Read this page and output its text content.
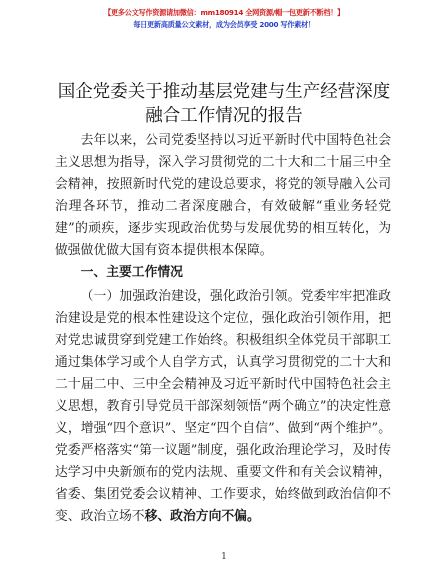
【更多公文写作资源请加微信：mm180914 全网资源/帽一包更新不断档！】
每日更新高质量公文素材，成为会员享受 2000 写作素材！
国企党委关于推动基层党建与生产经营深度融合工作情况的报告
去年以来，公司党委坚持以习近平新时代中国特色社会主义思想为指导，深入学习贯彻党的二十大和二十届三中全会精神，按照新时代党的建设总要求，将党的领导融入公司治理各环节，推动二者深度融合，有效破解“重业务轻党建”的顽疾，逐步实现政治优势与发展优势的相互转化，为做强做优做大国有资本提供根本保障。
一、主要工作情况
（一）加强政治建设，强化政治引领。党委牢牢把准政治建设是党的根本性建设这个定位，强化政治引领作用，把对党忠诚贯穿到党建工作始终。积极组织全体党员干部职工通过集体学习或个人自学方式，认真学习贯彻党的二十大和二十届二中、三中全会精神及习近平新时代中国特色社会主义思想，教育引导党员干部深刻领悟“两个确立”的决定性意义，增强“四个意识”、坚定“四个自信”、做到“两个维护”。党委严格落实“第一议题”制度，强化政治理论学习，及时传达学习中央新颁布的党内法规、重要文件和有关会议精神，省委、集团党委会议精神、工作要求，始终做到政治信仰不变、政治立场不移、政治方向不偏。
1
